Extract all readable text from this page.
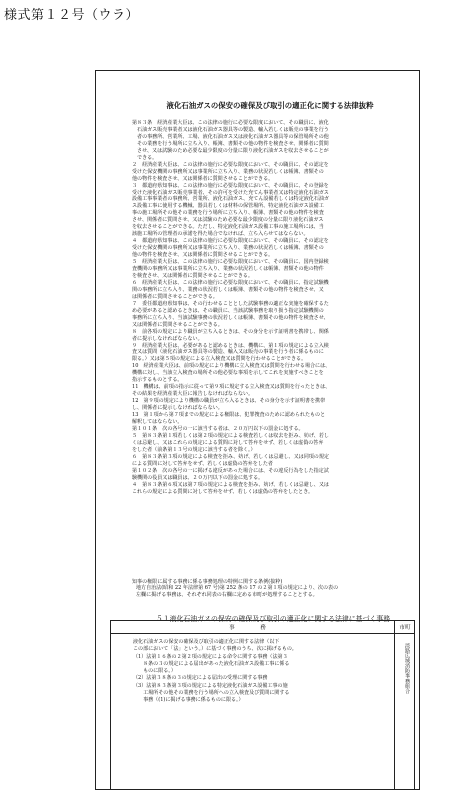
様式第１２号（ウラ）
液化石油ガスの保安の確保及び取引の適正化に関する法律抜粋
第８３条　経済産業大臣は、この法律の施行に必要な限度において、その職員に、液化
　石油ガス販売事業者又は液化石油ガス器具等の製造、輸入若しくは販売の事業を行う
　者の事務所、営業所、工場、液化石油ガス又は液化石油ガス器具等の保管場所その他
　その業務を行う場所に立ち入り、帳簿、書類その他の物件を検査させ、関係者に質問
　させ、又は試験のため必要な最少限度の分量に限り液化石油ガスを収去させることが
　できる。
２　経済産業大臣は、この法律の施行に必要な限度において、その職員に、その認定を
受けた保安機関の事務所又は事業所に立ち入り、業務の状況若しくは帳簿、書類その
他の物件を検査させ、又は関係者に質問させることができる。
３　都道府県知事は、この法律の施行に必要な限度において、その職員に、その登録を
受けた液化石油ガス販売事業者、その許可を受けた充てん事業者又は特定液化石油ガス
設備工事事業者の事務所、営業所、液化石油ガス、充てん設備若しくは特定液化石油ガ
ス設備工事に使用する機械、器具若しくは材料の保管場所、特定液化石油ガス設備工
事の施工場所その他その業務を行う場所に立ち入り、帳簿、書類その他の物件を検査
させ、関係者に質問させ、又は試験のため必要な最少限度の分量に限り液化石油ガス
を収去させることができる。ただし、特定液化石油ガス設備工事の施工場所には、当
該施工場所の管理者の承諾を得た場合でなければ、立ち入らせてはならない。
４　都道府県知事は、この法律の施行に必要な限度において、その職員に、その認定を
受けた保安機関の事務所又は事業所に立ち入り、業務の状況若しくは帳簿、書類その
他の物件を検査させ、又は関係者に質問させることができる。
５　経済産業大臣は、この法律の施行に必要な限度において、その職員に、国内登録検
査機関の事務所又は事業所に立ち入り、業務の状況若しくは帳簿、書類その他の物件
を検査させ、又は関係者に質問させることができる。
６　経済産業大臣は、この法律の施行に必要な限度において、その職員に、指定試験機
関の事務所に立ち入り、業務の状況若しくは帳簿、書類その他の物件を検査させ、又
は関係者に質問させることができる。
７　委任都道府県知事は、その行わせることとした試験事務の適正な実施を確保するた
め必要があると認めるときは、その職員に、当該試験事務を取り扱う指定試験機関の
事務所に立ち入り、当該試験事務の状況若しくは帳簿、書類その他の物件を検査させ、
又は関係者に質問させることができる。
８　前各項の規定により職員が立ち入るときは、その身分を示す証明書を携帯し、関係
者に提示しなければならない。
９　経済産業大臣は、必要があると認めるときは、機構に、第１項の規定による立入検
査又は質問（液化石油ガス器具等の製造、輸入又は販売の事業を行う者に係るものに
限る。）又は第５項の規定による立入検査又は質問を行わせることができる。
10　経済産業大臣は、前項の規定により機構に立入検査又は質問を行わせる場合には、
機構に対し、当該立入検査の場所その他必要な事項を示してこれを実施すべきことを
指示するものとする。
11　機構は、前項の指示に従って第９項に規定する立入検査又は質問を行ったときは、
その結果を経済産業大臣に報告しなければならない。
12　第９項の規定により機構の職員が立ち入るときは、その身分を示す証明書を携帯
し、関係者に提示しなければならない。
13　第１項から第７項までの規定による権限は、犯罪捜査のために認められたものと
解釈してはならない。
第１０１条　次の各号の一に該当する者は、２０万円以下の罰金に処する。
５　第８３条第１項若しくは第２項の規定による検査若しくは収去を拒み、妨げ、若し
くは忌避し、又はこれらの規定による質問に対して答弁をせず、若しくは虚偽の答弁
をした者（前条第１３号の規定に該当する者を除く。）
６　第８３条第３項の規定による検査を拒み、妨げ、若しくは忌避し、又は同項の規定
による質問に対して答弁をせず、若しくは虚偽の答弁をした者
第１０２条　次の各号の一に掲げる違反があった場合には、その違反行為をした指定試
験機関の役員又は職員は、２０万円以下の罰金に処する。
４　第８３条第６項又は第７項の規定による検査を拒み、妨げ、若しくは忌避し、又は
これらの規定による質問に対して答弁をせず、若しくは虚偽の答弁をしたとき。
知事の権限に属する事務に係る事務処理の特例に関する条例(抜粋)
地方自治法(昭和 22 年法律第 67 号)第 252 条の 17 の２第１項の規定により、次の表の
左欄に掲げる事務は、それぞれ同表の右欄に定める市町が処理することとする。
５１液化石油ガスの保安の確保及び取引の適正化に関する法律に基づく事務
事　務	市町
液化石油ガスの保安の確保及び取引の適正化に関する法律（以下
この部において「法」という。）に基づく事務のうち、次に掲げるもの。
（1）法第１６条の２第２項の規定による命令に関する事務（法第３
　　８条の３の規定による届出があった液化石油ガス設備工事に係る
　　ものに限る。）
（2）法第３８条の３の規定による届出の受理に関する事務
（3）法第８３条第３項の規定による特定液化石油ガス設備工事の施
　　工場所その他その業務を行う場所への立入検査及び質問に関する
　　事務（(1)に掲げる事務に係るものに限る。）
淡路広域消防事務組合
